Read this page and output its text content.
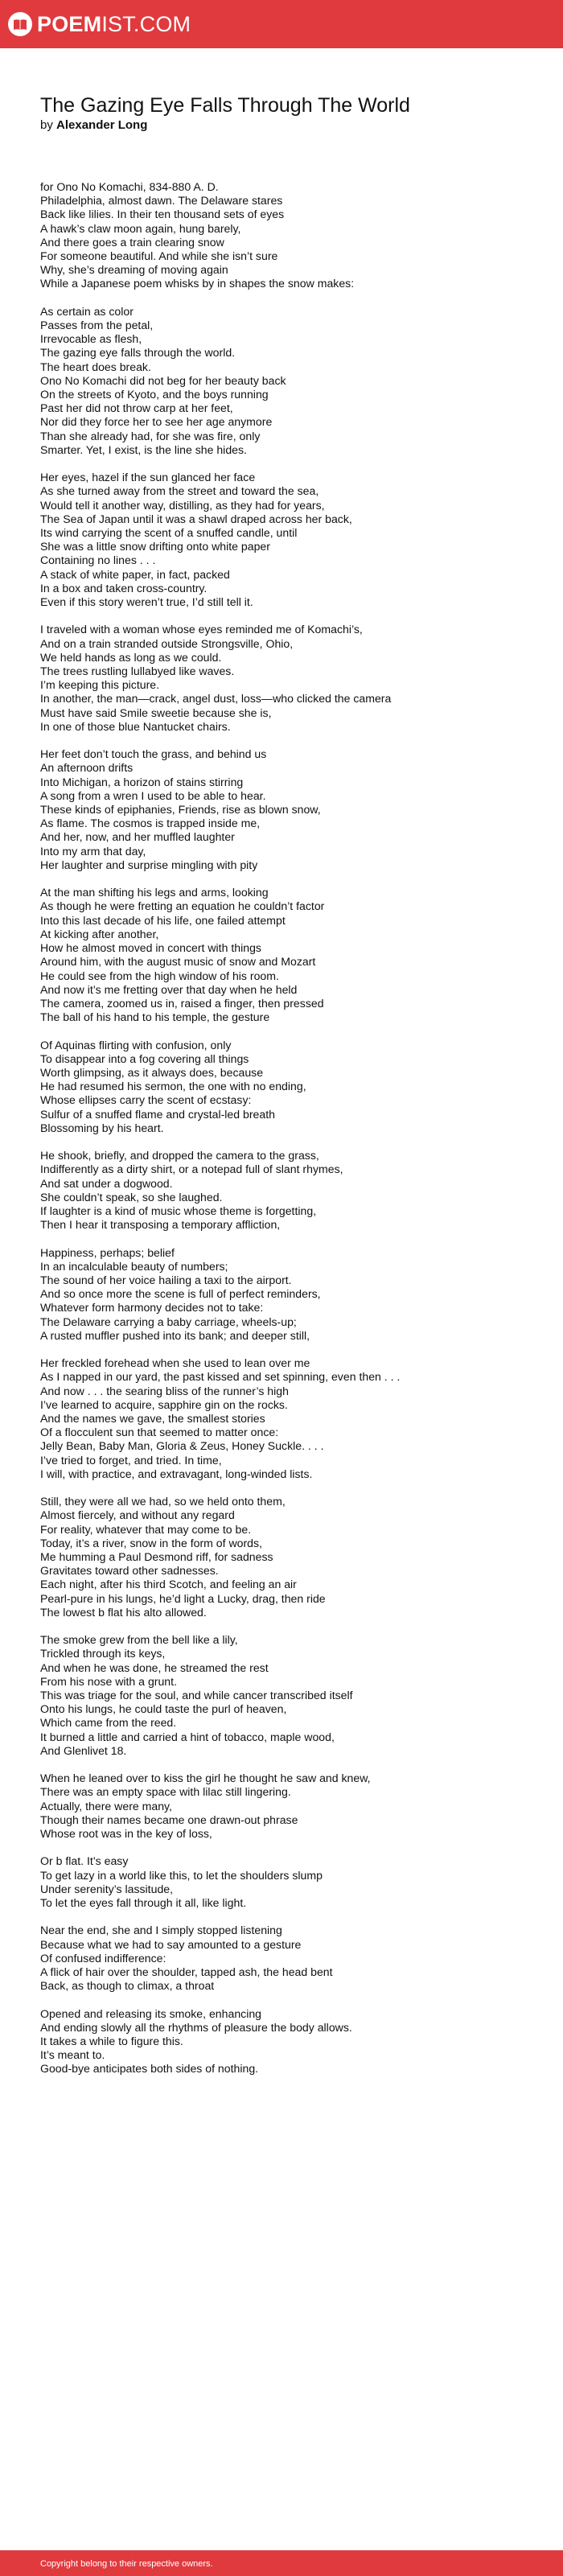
POEMIST.COM
The Gazing Eye Falls Through The World

by Alexander Long

for Ono No Komachi, 834-880 A. D.
Philadelphia, almost dawn. The Delaware stares
Back like lilies. In their ten thousand sets of eyes
A hawk’s claw moon again, hung barely,
And there goes a train clearing snow
For someone beautiful. And while she isn’t sure
Why, she’s dreaming of moving again
While a Japanese poem whisks by in shapes the snow makes:
As certain as color
Passes from the petal,
Irrevocable as flesh,
The gazing eye falls through the world.
The heart does break.
Ono No Komachi did not beg for her beauty back
On the streets of Kyoto, and the boys running
Past her did not throw carp at her feet,
Nor did they force her to see her age anymore
Than she already had, for she was fire, only
Smarter. Yet, I exist, is the line she hides.
Her eyes, hazel if the sun glanced her face
As she turned away from the street and toward the sea,
Would tell it another way, distilling, as they had for years,
The Sea of Japan until it was a shawl draped across her back,
Its wind carrying the scent of a snuffed candle, until
She was a little snow drifting onto white paper
Containing no lines . . .
A stack of white paper, in fact, packed
In a box and taken cross-country.
Even if this story weren’t true, I’d still tell it.
I traveled with a woman whose eyes reminded me of Komachi’s,
And on a train stranded outside Strongsville, Ohio,
We held hands as long as we could.
The trees rustling lullabyed like waves.
I’m keeping this picture.
In another, the man—crack, angel dust, loss—who clicked the camera
Must have said Smile sweetie because she is,
In one of those blue Nantucket chairs.
Her feet don’t touch the grass, and behind us
An afternoon drifts
Into Michigan, a horizon of stains stirring
A song from a wren I used to be able to hear.
These kinds of epiphanies, Friends, rise as blown snow,
As flame. The cosmos is trapped inside me,
And her, now, and her muffled laughter
Into my arm that day,
Her laughter and surprise mingling with pity
At the man shifting his legs and arms, looking
As though he were fretting an equation he couldn’t factor
Into this last decade of his life, one failed attempt
At kicking after another,
How he almost moved in concert with things
Around him, with the august music of snow and Mozart
He could see from the high window of his room.
And now it’s me fretting over that day when he held
The camera, zoomed us in, raised a finger, then pressed
The ball of his hand to his temple, the gesture
Of Aquinas flirting with confusion, only
To disappear into a fog covering all things
Worth glimpsing, as it always does, because
He had resumed his sermon, the one with no ending,
Whose ellipses carry the scent of ecstasy:
Sulfur of a snuffed flame and crystal-led breath
Blossoming by his heart.
He shook, briefly, and dropped the camera to the grass,
Indifferently as a dirty shirt, or a notepad full of slant rhymes,
And sat under a dogwood.
She couldn’t speak, so she laughed.
If laughter is a kind of music whose theme is forgetting,
Then I hear it transposing a temporary affliction,
Happiness, perhaps; belief
In an incalculable beauty of numbers;
The sound of her voice hailing a taxi to the airport.
And so once more the scene is full of perfect reminders,
Whatever form harmony decides not to take:
The Delaware carrying a baby carriage, wheels-up;
A rusted muffler pushed into its bank; and deeper still,
Her freckled forehead when she used to lean over me
As I napped in our yard, the past kissed and set spinning, even then . . .
And now . . . the searing bliss of the runner’s high
I’ve learned to acquire, sapphire gin on the rocks.
And the names we gave, the smallest stories
Of a flocculent sun that seemed to matter once:
Jelly Bean, Baby Man, Gloria & Zeus, Honey Suckle. . . .
I’ve tried to forget, and tried. In time,
I will, with practice, and extravagant, long-winded lists.
Still, they were all we had, so we held onto them,
Almost fiercely, and without any regard
For reality, whatever that may come to be.
Today, it’s a river, snow in the form of words,
Me humming a Paul Desmond riff, for sadness
Gravitates toward other sadnesses.
Each night, after his third Scotch, and feeling an air
Pearl-pure in his lungs, he’d light a Lucky, drag, then ride
The lowest b flat his alto allowed.
The smoke grew from the bell like a lily,
Trickled through its keys,
And when he was done, he streamed the rest
From his nose with a grunt.
This was triage for the soul, and while cancer transcribed itself
Onto his lungs, he could taste the purl of heaven,
Which came from the reed.
It burned a little and carried a hint of tobacco, maple wood,
And Glenlivet 18.
When he leaned over to kiss the girl he thought he saw and knew,
There was an empty space with lilac still lingering.
Actually, there were many,
Though their names became one drawn-out phrase
Whose root was in the key of loss,
Or b flat. It’s easy
To get lazy in a world like this, to let the shoulders slump
Under serenity’s lassitude,
To let the eyes fall through it all, like light.
Near the end, she and I simply stopped listening
Because what we had to say amounted to a gesture
Of confused indifference:
A flick of hair over the shoulder, tapped ash, the head bent
Back, as though to climax, a throat
Opened and releasing its smoke, enhancing
And ending slowly all the rhythms of pleasure the body allows.
It takes a while to figure this.
It’s meant to.
Good-bye anticipates both sides of nothing.
Copyright belong to their respective owners.
